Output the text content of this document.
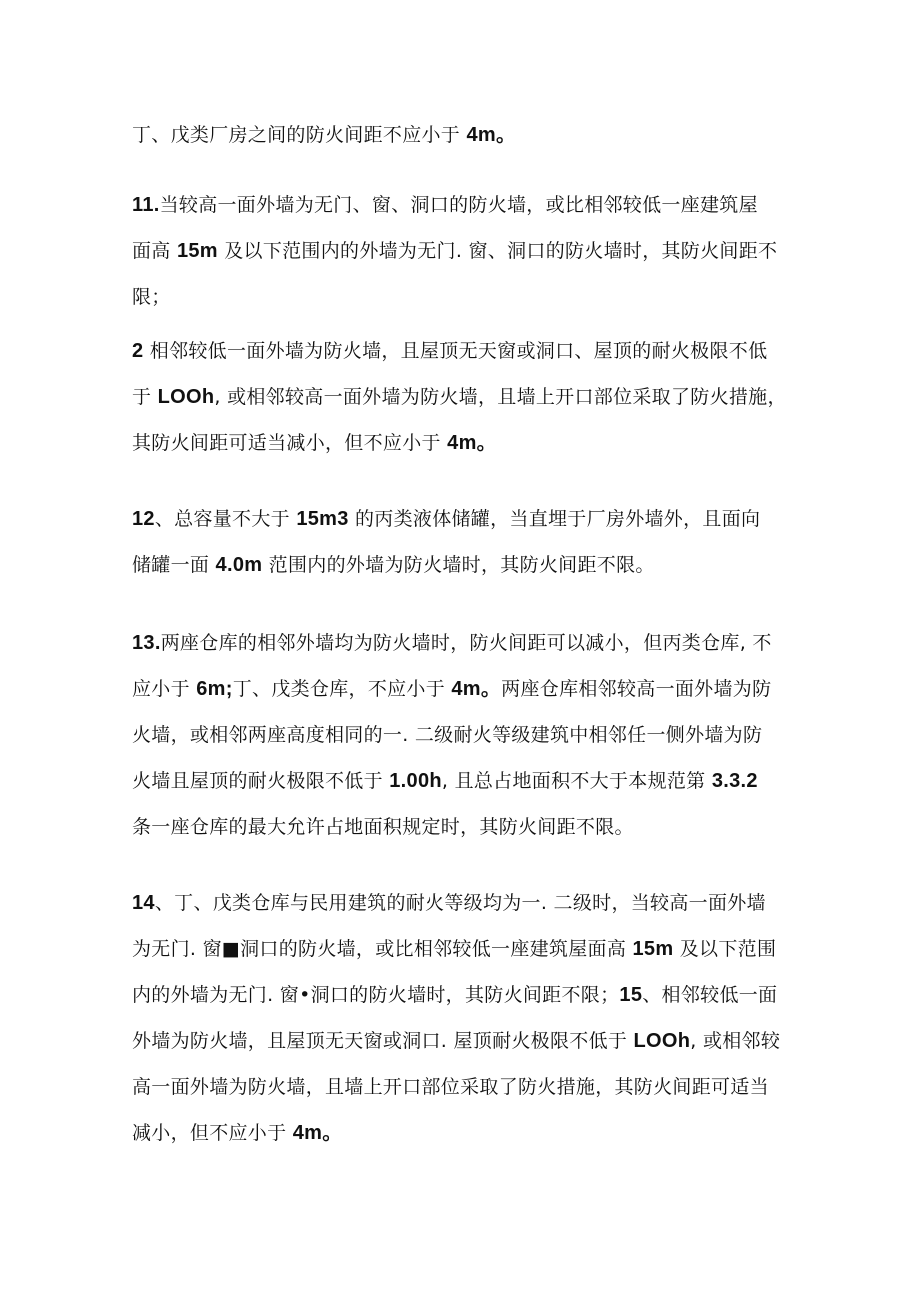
丁、戊类厂房之间的防火间距不应小于 4m。

11.当较高一面外墙为无门、窗、洞口的防火墙，或比相邻较低一座建筑屋
面高 15m 及以下范围内的外墙为无门. 窗、洞口的防火墙时，其防火间距不
限；

2 相邻较低一面外墙为防火墙，且屋顶无天窗或洞口、屋顶的耐火极限不低
于 LOOh, 或相邻较高一面外墙为防火墙，且墙上开口部位采取了防火措施，
其防火间距可适当减小，但不应小于 4m。

12、总容量不大于 15m3 的丙类液体储罐，当直埋于厂房外墙外，且面向
储罐一面 4.0m 范围内的外墙为防火墙时，其防火间距不限。

13.两座仓库的相邻外墙均为防火墙时，防火间距可以减小，但丙类仓库, 不
应小于 6m;丁、戊类仓库，不应小于 4m。两座仓库相邻较高一面外墙为防
火墙，或相邻两座高度相同的一. 二级耐火等级建筑中相邻任一侧外墙为防
火墙且屋顶的耐火极限不低于 1.00h, 且总占地面积不大于本规范第 3.3.2
条一座仓库的最大允许占地面积规定时，其防火间距不限。

14、丁、戊类仓库与民用建筑的耐火等级均为一. 二级时，当较高一面外墙
为无门. 窗■洞口的防火墙，或比相邻较低一座建筑屋面高 15m 及以下范围
内的外墙为无门. 窗•洞口的防火墙时，其防火间距不限；15、相邻较低一面
外墙为防火墙，且屋顶无天窗或洞口. 屋顶耐火极限不低于 LOOh, 或相邻较
高一面外墙为防火墙，且墙上开口部位采取了防火措施，其防火间距可适当
减小，但不应小于 4m。
